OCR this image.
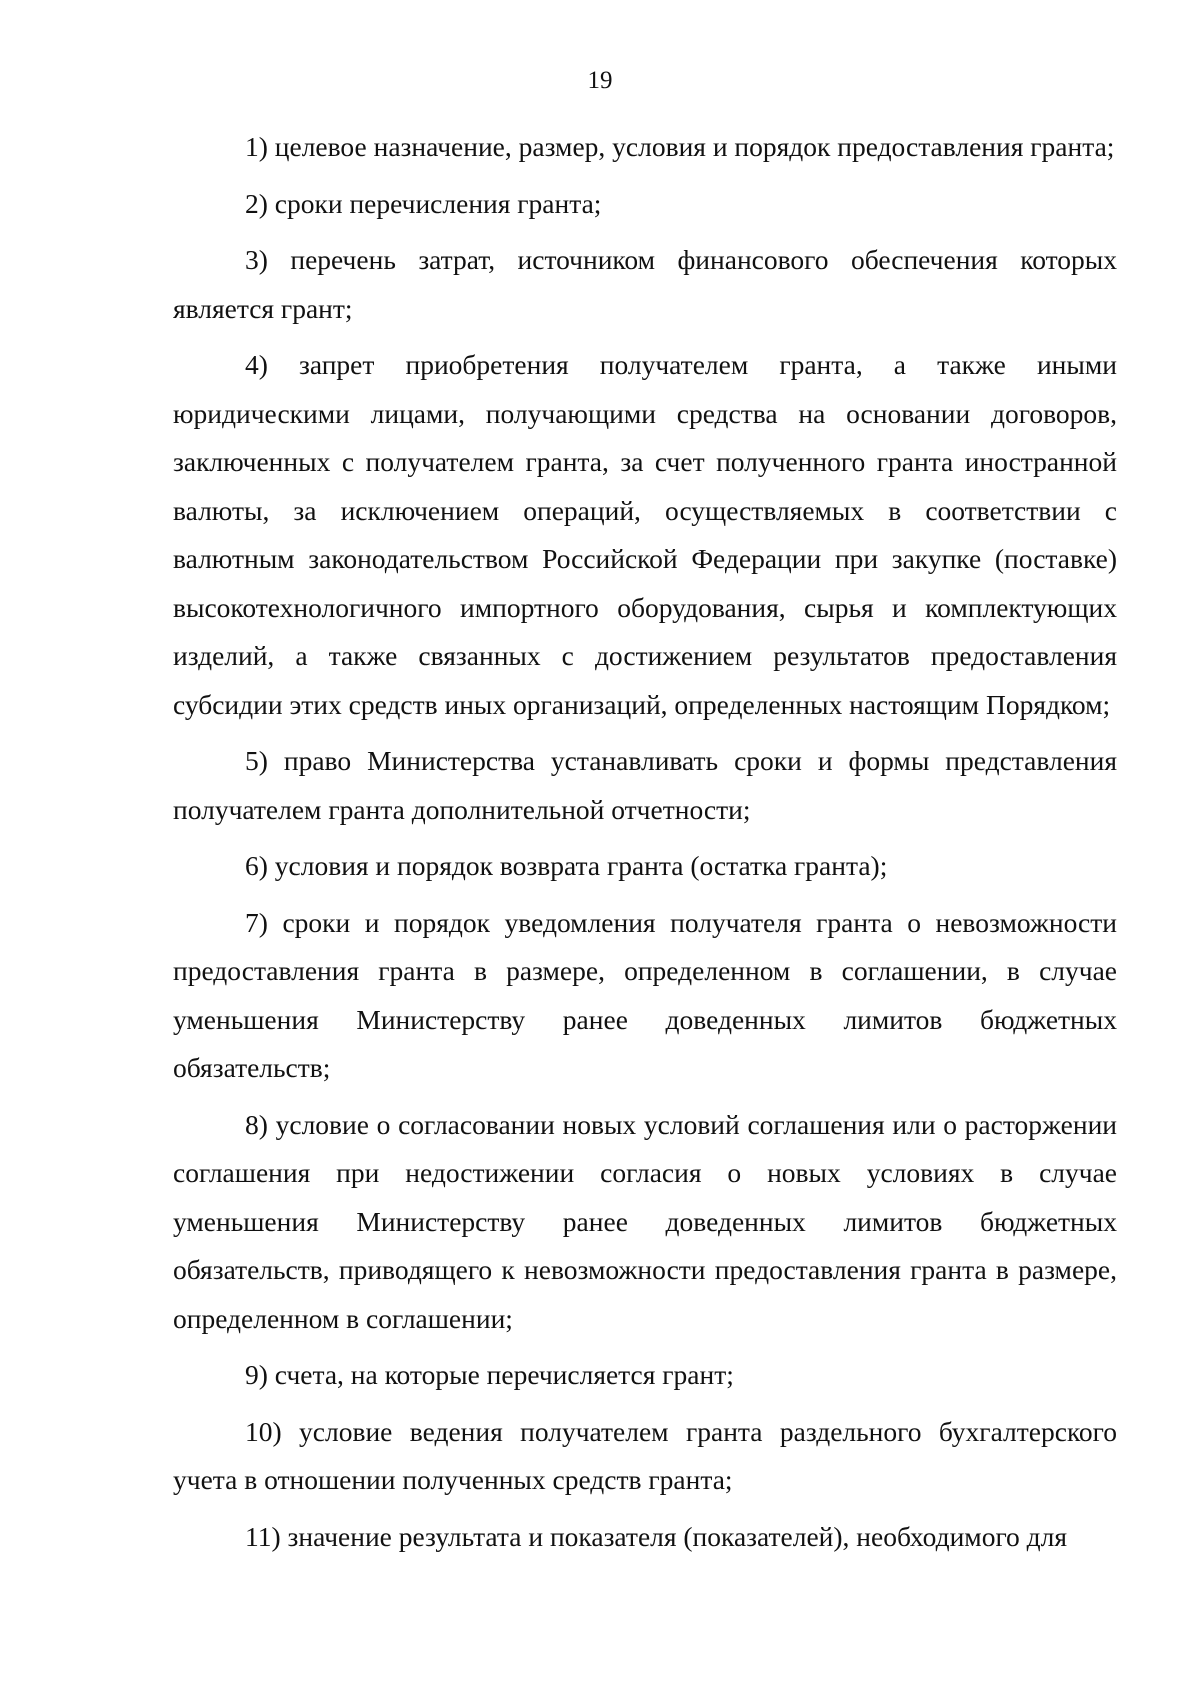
19

1) целевое назначение, размер, условия и порядок предоставления гранта;

2) сроки перечисления гранта;

3) перечень затрат, источником финансового обеспечения которых является грант;

4) запрет приобретения получателем гранта, а также иными юридическими лицами, получающими средства на основании договоров, заключенных с получателем гранта, за счет полученного гранта иностранной валюты, за исключением операций, осуществляемых в соответствии с валютным законодательством Российской Федерации при закупке (поставке) высокотехнологичного импортного оборудования, сырья и комплектующих изделий, а также связанных с достижением результатов предоставления субсидии этих средств иных организаций, определенных настоящим Порядком;

5) право Министерства устанавливать сроки и формы представления получателем гранта дополнительной отчетности;

6) условия и порядок возврата гранта (остатка гранта);

7) сроки и порядок уведомления получателя гранта о невозможности предоставления гранта в размере, определенном в соглашении, в случае уменьшения Министерству ранее доведенных лимитов бюджетных обязательств;

8) условие о согласовании новых условий соглашения или о расторжении соглашения при недостижении согласия о новых условиях в случае уменьшения Министерству ранее доведенных лимитов бюджетных обязательств, приводящего к невозможности предоставления гранта в размере, определенном в соглашении;

9) счета, на которые перечисляется грант;

10) условие ведения получателем гранта раздельного бухгалтерского учета в отношении полученных средств гранта;

11) значение результата и показателя (показателей), необходимого для
